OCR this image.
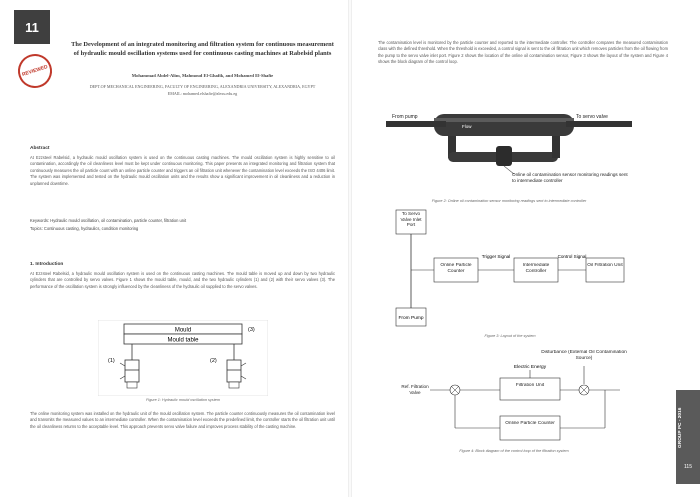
11
REVIEWED
The Development of an integrated monitoring and filtration system for continuous measurement of hydraulic mould oscillation systems used for continuous casting machines at Rabelsid plants
Mohammad Abdel-Alim, Mahmoud El-Ghafik, and Mohamed El-Shafie
DEPT.OF MECHANICAL ENGINEERING, FACULTY OF ENGINEERING, ALEXANDRIA UNIVERSITY, ALEXANDRIA, EGYPT
EMAIL: mohamed.elshafie@alexu.edu.eg
Abstract
At Ezzsteel Rabelsid, a hydraulic mould oscillation system is used on the continuous casting machines. The mould oscillation system is highly sensitive to oil contamination, accordingly the oil cleanliness level must be kept under continuous monitoring. This paper presents an integrated monitoring and filtration system that continuously measures the oil particle count with an online particle counter and triggers an oil filtration unit whenever the contamination level exceeds the ISO 4406 limit. The system was implemented and tested on the hydraulic mould oscillation units and the results show a significant improvement in oil cleanliness and a reduction in unplanned downtime.
Keywords: Hydraulic mould oscillation, oil contamination, particle counter, filtration unit
Topics: Continuous casting, hydraulics, condition monitoring
1. Introduction
At Ezzsteel Rabelsid, a hydraulic mould oscillation system is used on the continuous casting machines. The mould table is moved up and down by two hydraulic cylinders that are controlled by servo valves. Figure 1 shows the mould table, mould, and the two hydraulic cylinders (1) and (2) with their servo valves (3). The performance of the oscillation system is strongly influenced by the cleanliness of the hydraulic oil supplied to the servo valves.
Mould
Mould table
(3)
(1)	(2)
Figure 1: Hydraulic mould oscillation system
The online monitoring system was installed on the hydraulic unit of the mould oscillation system. The particle counter continuously measures the oil contamination level and transmits the measured values to an intermediate controller. When the contamination level exceeds the predefined limit, the controller starts the oil filtration unit until the oil cleanliness returns to the acceptable level. This approach prevents servo valve failure and improves process stability of the casting machine.
The contamination level is monitored by the particle counter and reported to the intermediate controller. The controller compares the measured contamination class with the defined threshold. When the threshold is exceeded, a control signal is sent to the oil filtration unit which removes particles from the oil flowing from the pump to the servo valve inlet port. Figure 2 shows the location of the online oil contamination sensor, Figure 3 shows the layout of the system and Figure 4 shows the block diagram of the control loop.
From pump
Flow
To servo valve
Online oil contamination sensor monitoring readings sent to intermediate controller
Figure 2: Online oil contamination sensor monitoring readings sent to intermediate controller
To Servo Valve Inlet Port
From Pump
Online Particle Counter
Trigger Signal
Intermediate Controller
Control Signal
Oil Filtration Unit
Figure 3: Layout of the system
Disturbance (External Oil Contamination Source)
Electric Energy
Ref. Filtration Valve
Filtration Unit
Online Particle Counter
Figure 4: Block diagram of the control loop of the filtration system
GROUP PC - 2016
115
